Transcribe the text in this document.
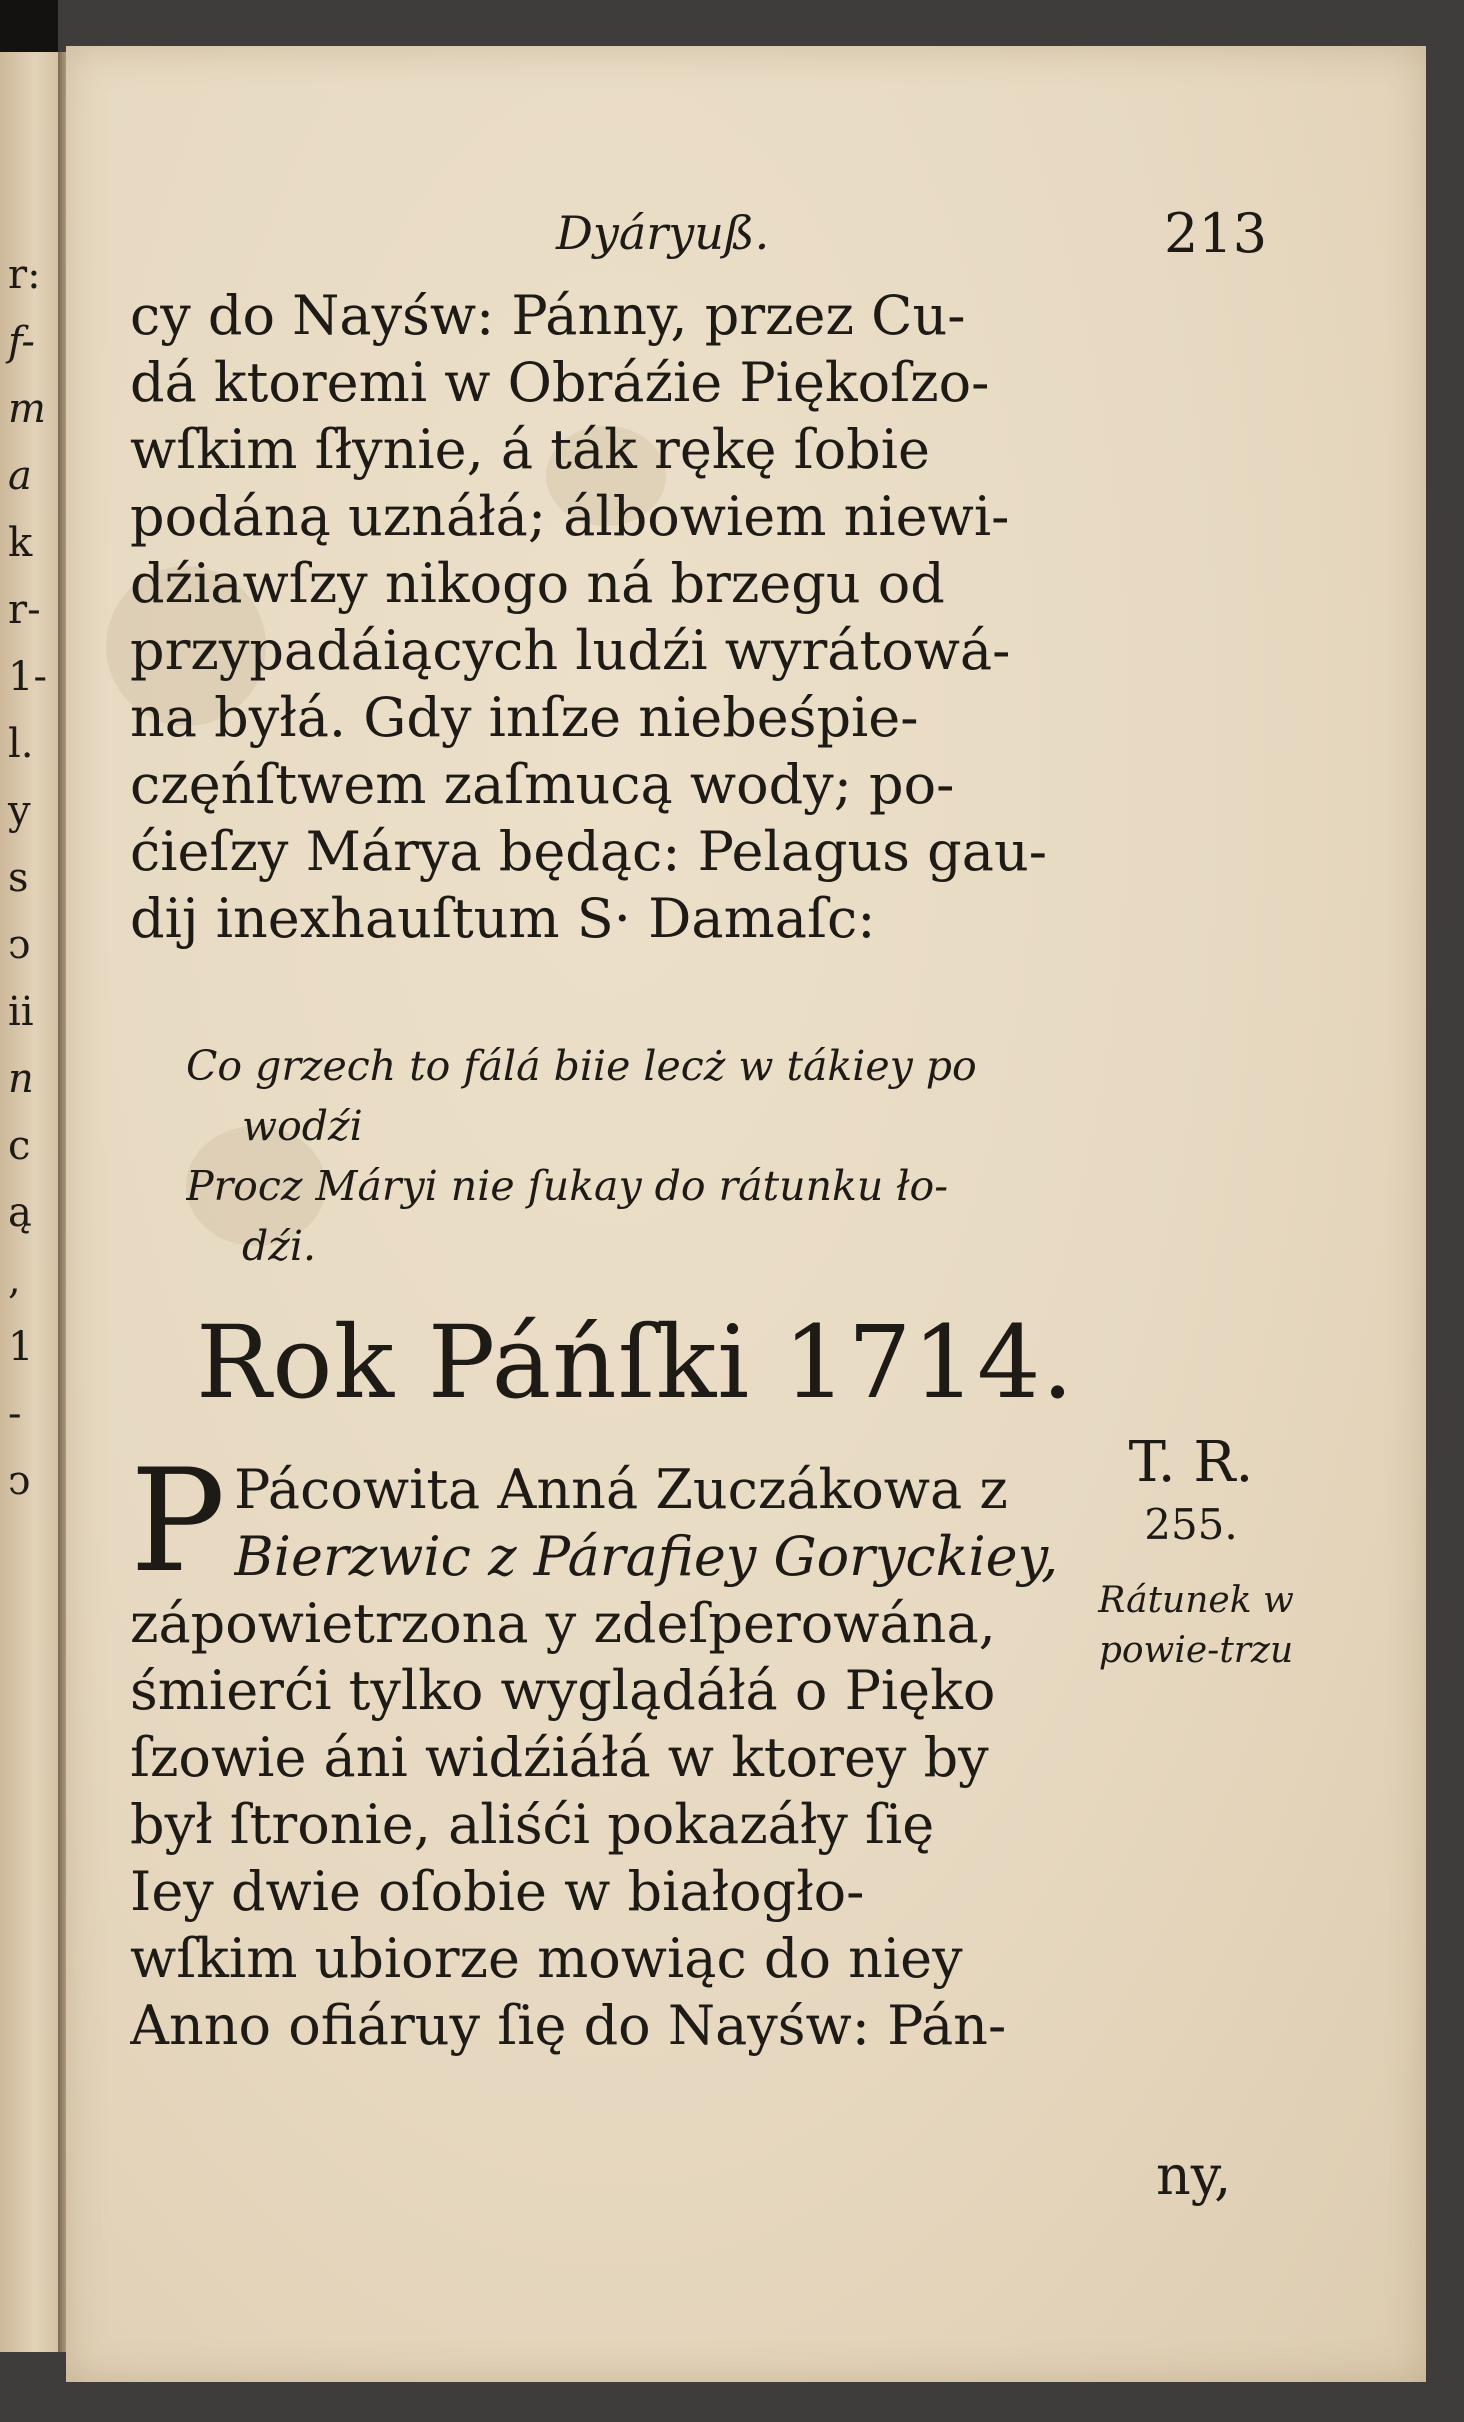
r:
f-
m
a
k
r-
1-
l.
y
s
ↄ
ii
n
c
ą
,
1
-
ↄ
Dyáryuß.	213
cy do Nayśw: Pánny, przez Cu-
dá ktoremi w Obráźie Piękoſzo-
wſkim ſłynie, á ták rękę ſobie
podáną uznáłá; álbowiem niewi-
dźiawſzy nikogo ná brzegu od
przypadáiących ludźi wyrátowá-
na byłá. Gdy inſze niebeśpie-
częńſtwem zaſmucą wody; po-
ćieſzy Márya będąc: Pelagus gau-
dij inexhauſtum S· Damaſc:
Co grzech to fálá biie lecż w tákiey po
wodźi
Procz Máryi nie ſukay do rátunku ło-
dźi.
Rok Páńſki 1714.
P Pácowita Anná Zuczákowa z
Bierzwic z Párafiey Goryckiey,
zápowietrzona y zdeſperowána,
śmierći tylko wyglądáłá o Pięko
ſzowie áni widźiáłá w ktorey by
był ſtronie, aliśći pokazáły ſię
Iey dwie oſobie w białogło-
wſkim ubiorze mowiąc do niey
Anno ofiáruy ſię do Nayśw: Pán-
T. R.
255.
Rátunek w powie-trzu
ny,
